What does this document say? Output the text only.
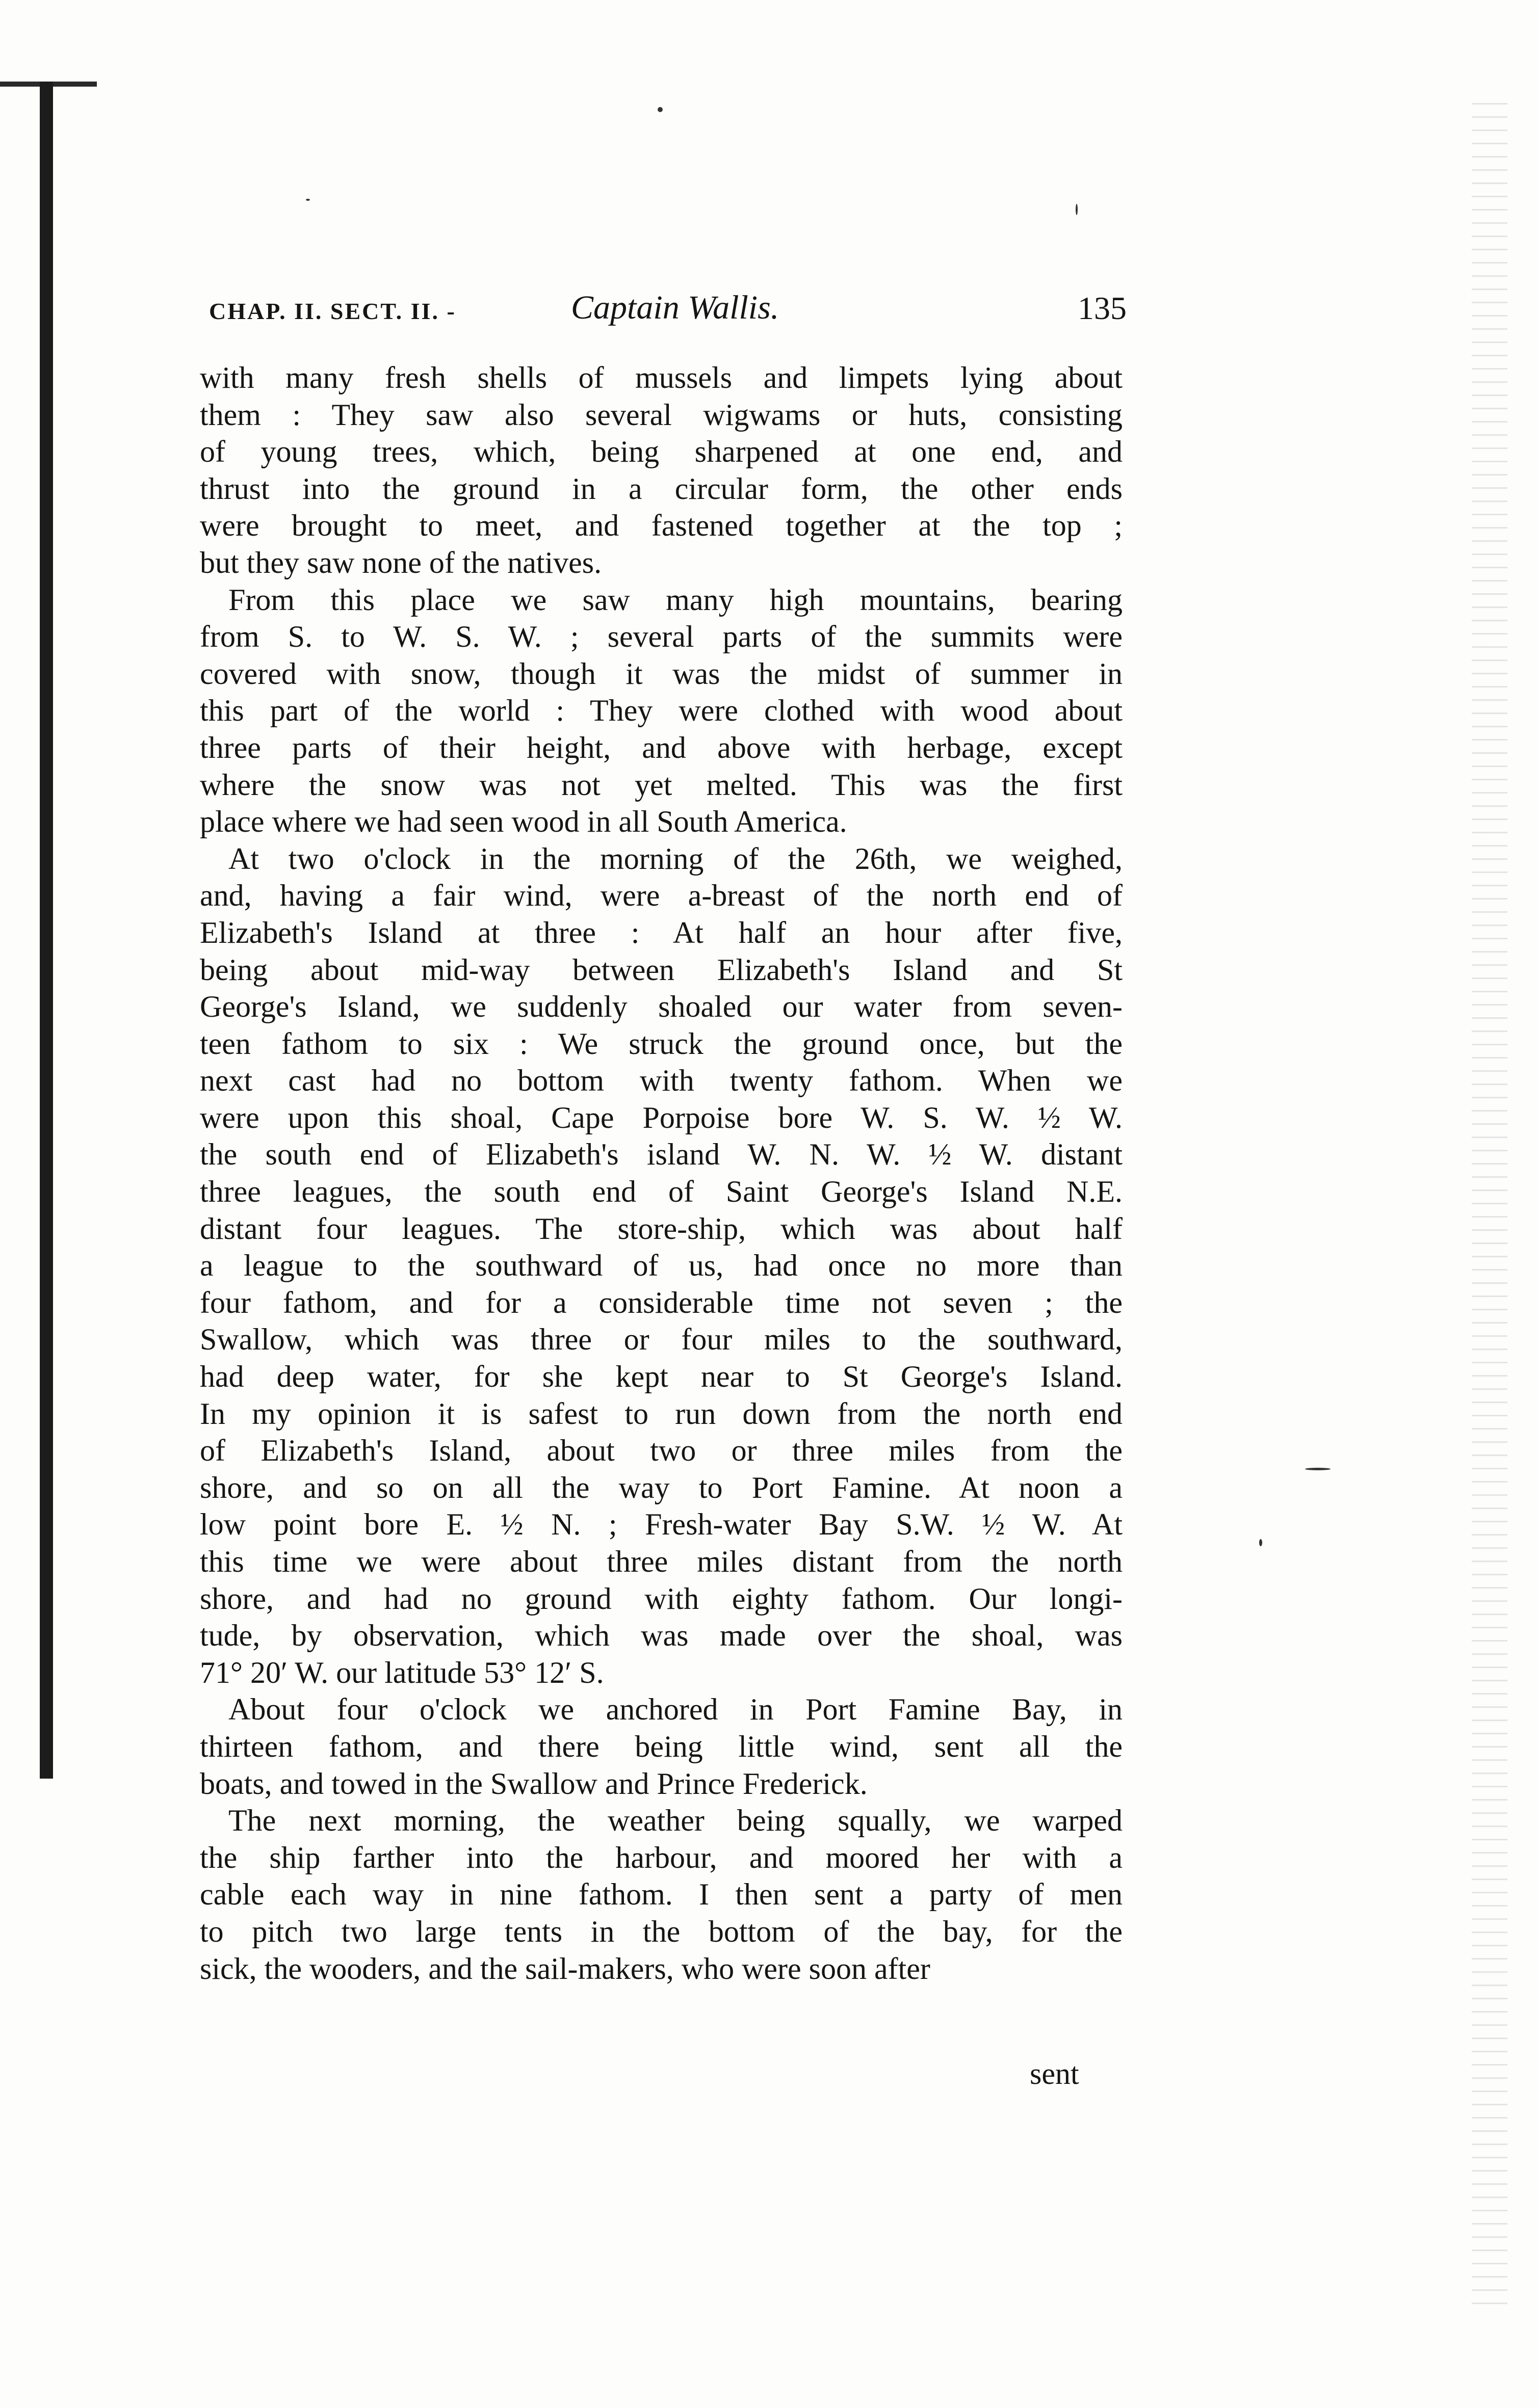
CHAP. II. SECT. II. -	Captain Wallis.	135
with many fresh shells of mussels and limpets lying about
them : They saw also several wigwams or huts, consisting
of young trees, which, being sharpened at one end, and
thrust into the ground in a circular form, the other ends
were brought to meet, and fastened together at the top ;
but they saw none of the natives.
From this place we saw many high mountains, bearing
from S. to W. S. W. ; several parts of the summits were
covered with snow, though it was the midst of summer in
this part of the world : They were clothed with wood about
three parts of their height, and above with herbage, except
where the snow was not yet melted. This was the first
place where we had seen wood in all South America.
At two o'clock in the morning of the 26th, we weighed,
and, having a fair wind, were a-breast of the north end of
Elizabeth's Island at three : At half an hour after five,
being about mid-way between Elizabeth's Island and St
George's Island, we suddenly shoaled our water from seven-
teen fathom to six : We struck the ground once, but the
next cast had no bottom with twenty fathom. When we
were upon this shoal, Cape Porpoise bore W. S. W. ½ W.
the south end of Elizabeth's island W. N. W. ½ W. distant
three leagues, the south end of Saint George's Island N.E.
distant four leagues. The store-ship, which was about half
a league to the southward of us, had once no more than
four fathom, and for a considerable time not seven ; the
Swallow, which was three or four miles to the southward,
had deep water, for she kept near to St George's Island.
In my opinion it is safest to run down from the north end
of Elizabeth's Island, about two or three miles from the
shore, and so on all the way to Port Famine. At noon a
low point bore E. ½ N. ; Fresh-water Bay S.W. ½ W. At
this time we were about three miles distant from the north
shore, and had no ground with eighty fathom. Our longi-
tude, by observation, which was made over the shoal, was
71° 20′ W. our latitude 53° 12′ S.
About four o'clock we anchored in Port Famine Bay, in
thirteen fathom, and there being little wind, sent all the
boats, and towed in the Swallow and Prince Frederick.
The next morning, the weather being squally, we warped
the ship farther into the harbour, and moored her with a
cable each way in nine fathom. I then sent a party of men
to pitch two large tents in the bottom of the bay, for the
sick, the wooders, and the sail-makers, who were soon after
sent
